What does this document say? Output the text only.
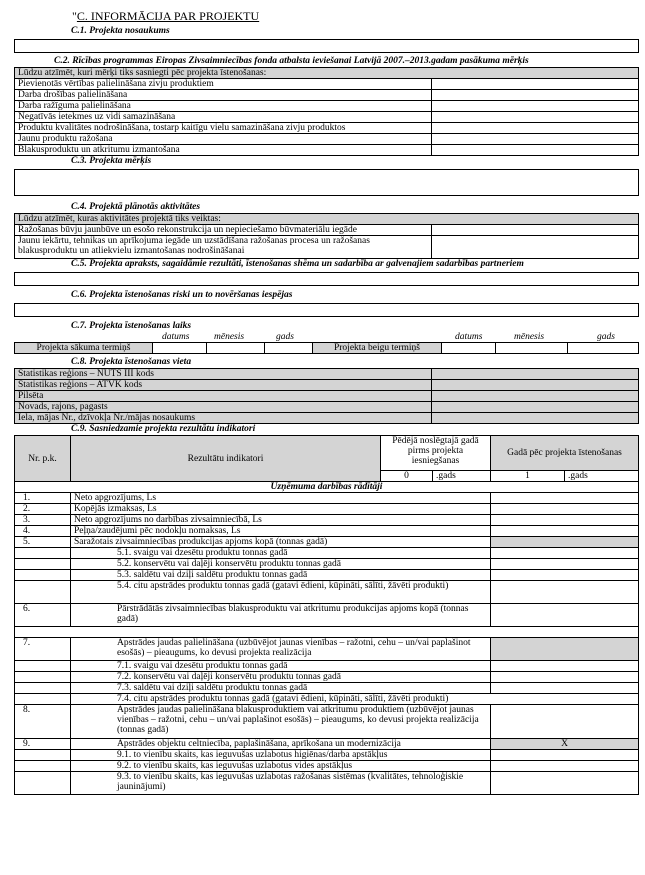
"C. INFORMĀCIJA PAR PROJEKTU
C.1. Projekta nosaukums
C.2. Rīcības programmas Eiropas Zivsaimniecības fonda atbalsta ieviešanai Latvijā 2007.–2013.gadam pasākuma mērķis
Lūdzu atzīmēt, kuri mērķi tiks sasniegti pēc projekta īstenošanas:	
Pievienotās vērtības palielināšana zivju produktiem	
Darba drošības palielināšana	
Darba ražīguma palielināšana	
Negatīvās ietekmes uz vidi samazināšana	
Produktu kvalitātes nodrošināšana, tostarp kaitīgu vielu samazināšana zivju produktos	
Jaunu produktu ražošana	
Blakusproduktu un atkritumu izmantošana	
C.3. Projekta mērķis
C.4. Projektā plānotās aktivitātes
Lūdzu atzīmēt, kuras aktivitātes projektā tiks veiktas:	
Ražošanas būvju jaunbūve un esošo rekonstrukcija un nepieciešamo būvmateriālu iegāde	
Jaunu iekārtu, tehnikas un aprīkojuma iegāde un uzstādīšana ražošanas procesa un ražošanas blakusproduktu un atliekvielu izmantošanas nodrošināšanai	
C.5. Projekta apraksts, sagaidāmie rezultāti, īstenošanas shēma un sadarbība ar galvenajiem sadarbības partneriem
C.6. Projekta īstenošanas riski un to novēršanas iespējas
C.7. Projekta īstenošanas laiks
datums	mēnesis	gads	datums	mēnesis	gads
Projekta sākuma termiņš				Projekta beigu termiņš			
C.8. Projekta īstenošanas vieta
Statistikas reģions – NUTS III kods	
Statistikas reģions – ATVK kods	
Pilsēta	
Novads, rajons, pagasts	
Iela, mājas Nr., dzīvokļa Nr./mājas nosaukums	
C.9. Sasniedzamie projekta rezultātu indikatori
Nr. p.k.	Rezultātu indikatori	Pēdējā noslēgtajā gadā pirms projekta iesniegšanas		Gadā pēc projekta īstenošanas	
		0	.gads	1	.gads
Uzņēmuma darbības rādītāji					
1.	Neto apgrozījums, Ls				
2.	Kopējās izmaksas, Ls				
3.	Neto apgrozījums no darbības zivsaimniecībā, Ls				
4.	Peļņa/zaudējumi pēc nodokļu nomaksas, Ls				
5.	Saražotais zivsaimniecības produkcijas apjoms kopā (tonnas gadā)				
	5.1. svaigu vai dzesētu produktu tonnas gadā				
	5.2. konservētu vai daļēji konservētu produktu tonnas gadā				
	5.3. saldētu vai dziļi saldētu produktu tonnas gadā				
	5.4. citu apstrādes produktu tonnas gadā (gatavi ēdieni, kūpināti, sālīti, žāvēti produkti)				
6.	Pārstrādātās zivsaimniecības blakusproduktu vai atkritumu produkcijas apjoms kopā (tonnas gadā)				

7.	Apstrādes jaudas palielināšana (uzbūvējot jaunas vienības – ražotni, cehu – un/vai paplašinot esošās) – pieaugums, ko devusi projekta realizācija				
	7.1. svaigu vai dzesētu produktu tonnas gadā				
	7.2. konservētu vai daļēji konservētu produktu tonnas gadā				
	7.3. saldētu vai dziļi saldētu produktu tonnas gadā				
	7.4. citu apstrādes produktu tonnas gadā (gatavi ēdieni, kūpināti, sālīti, žāvēti produkti)				
8.	Apstrādes jaudas palielināšana blakusproduktiem vai atkritumu produktiem (uzbūvējot jaunas vienības – ražotni, cehu – un/vai paplašinot esošās) – pieaugums, ko devusi projekta realizācija (tonnas gadā)				
9.	Apstrādes objektu celtniecība, paplašināšana, aprīkošana un modernizācija			X	
	9.1. to vienību skaits, kas ieguvušas uzlabotus higiēnas/darba apstākļus				
	9.2. to vienību skaits, kas ieguvušas uzlabotus vides apstākļus				
	9.3. to vienību skaits, kas ieguvušas uzlabotas ražošanas sistēmas (kvalitātes, tehnoloģiskie jauninājumi)				
